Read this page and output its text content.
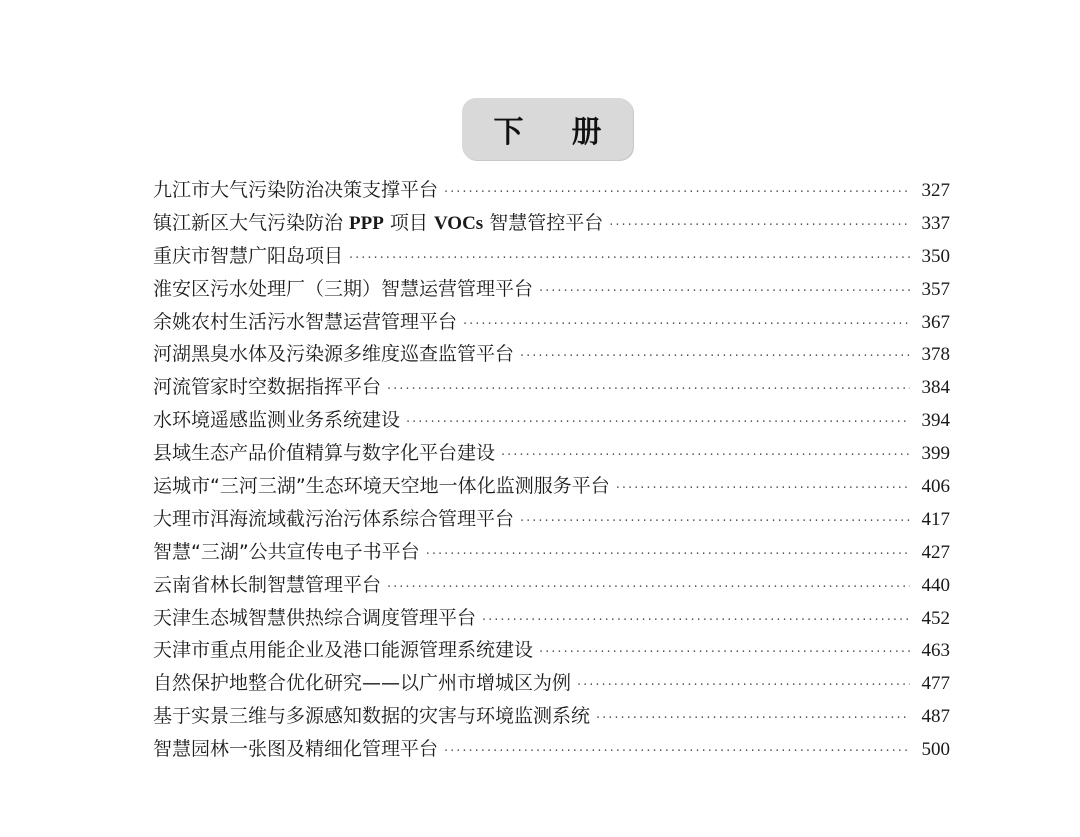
下册
九江市大气污染防治决策支撑平台 ·····	327
镇江新区大气污染防治 PPP 项目 VOCs 智慧管控平台 ·····	337
重庆市智慧广阳岛项目 ·····	350
淮安区污水处理厂（三期）智慧运营管理平台 ·····	357
余姚农村生活污水智慧运营管理平台 ·····	367
河湖黑臭水体及污染源多维度巡查监管平台 ·····	378
河流管家时空数据指挥平台 ·····	384
水环境遥感监测业务系统建设 ·····	394
县域生态产品价值精算与数字化平台建设 ·····	399
运城市“三河三湖”生态环境天空地一体化监测服务平台 ·····	406
大理市洱海流域截污治污体系综合管理平台 ·····	417
智慧“三湖”公共宣传电子书平台 ·····	427
云南省林长制智慧管理平台 ·····	440
天津生态城智慧供热综合调度管理平台 ·····	452
天津市重点用能企业及港口能源管理系统建设 ·····	463
自然保护地整合优化研究——以广州市增城区为例 ·····	477
基于实景三维与多源感知数据的灾害与环境监测系统 ·····	487
智慧园林一张图及精细化管理平台 ·····	500
